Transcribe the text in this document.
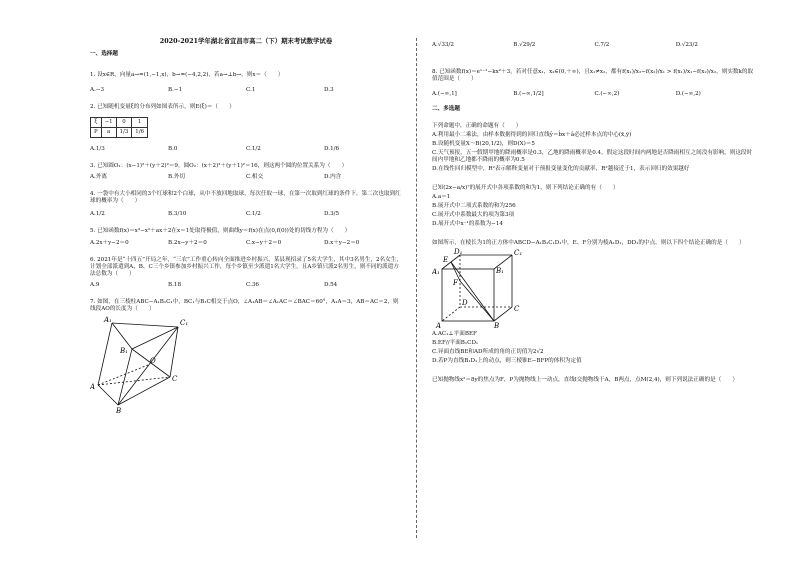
2020-2021学年湖北省宜昌市高二（下）期末考试数学试卷
一、选择题
1. 设x∈R，向量a→=(1,−1,x)，b→=(−4,2,2)，若a→⊥b→，则x＝（　　）
A.−3	B.−1	C.1	D.3
2. 已知随机变量ξ的分布列如图表所示，则E(ξ)＝（　　）
ξ	−1	0	1
P	a	1/3	1/6
A.1/3	B.0	C.1/2	D.1/6
3. 已知圆O₁：(x−1)²＋(y＋2)²＝9，圆O₂：(x＋2)²＋(y＋1)²＝16，则这两个圆的位置关系为（　　）
A.外离	B.外切	C.相交	D.内含
4. 一袋中有大小相同的3个红球和2个白球，从中不放回地取球，每次任取一球，在第一次取到红球的条件下，第二次也取到红球的概率为（　　）
A.1/2	B.3/10	C.1/2	D.3/5
5. 已知函数f(x)＝x³−x²＋ax＋2在x＝1处取得极值，则曲线y＝f(x)在点(0,f(0))处的切线方程为（　　）
A.2x＋y−2＝0	B.2x−y＋2＝0	C.x−y＋2＝0	D.x＋y−2＝0
6. 2021年是“十四五”开局之年，“三农”工作重心转向全面推进乡村振兴，某县现招录了5名大学生，其中3名男生，2名女生，计划全部派遣到A、B、C三个乡镇参加乡村振兴工作，每个乡镇至少派遣1名大学生，且A乡镇只派2名男生，则不同的派遣方法总数为（　　）
A.9	B.18	C.36	D.54
7. 如图，在三棱柱ABC−A₁B₁C₁中，BC₁与B₁C相交于点O，∠A₁AB＝∠A₁AC＝∠BAC＝60°，A₁A＝3，AB＝AC＝2，则线段AO的长度为（　　）
A₁	C₁
B₁
O
C
A
B
A.√33/2	B.√29/2	C.7/2	D.√23/2
8. 已知函数f(x)＝eˣ⁻¹−kx²＋3，若对任意x₁，x₂∈(0,＋∞)，且x₁≠x₂，都有f(x₁)/x₂−f(x₂)/x₁ > f(x₁)/x₁−f(x₂)/x₂，则实数k的取值范围是（　　）
A.(−∞,1]	B.(−∞,1/2]	C.(−∞,2)	D.(−∞,2)
二、多选题
下列命题中，正确的命题有（　　）
A.利用最小二乘法，由样本数据得到的回归直线ŷ＝b̂x＋â必过样本点的中心(x̄,ȳ)
B.设随机变量X～B(20,1/2)，则D(X)＝5
C.天气预报，五一假期甲地的降雨概率是0.3，乙地的降雨概率是0.4，假定这段时间内两地是否降雨相互之间没有影响，则这段时间内甲地和乙地都不降雨的概率为0.5
D.在线性回归模型中，R²表示解释变量对于预报变量变化的贡献率，R²越接近于1，表示回归的效果越好
已知(2x−a/x)⁷的展开式中各项系数的和为1，则下列结论正确的有（　　）
A.a＝1
B.展开式中二项式系数的和为256
C.展开式中系数最大的项为第3项
D.展开式中x⁻¹的系数为−14
如图所示，在棱长为1的正方体中ABCD−A₁B₁C₁D₁中，E、F分别为棱A₁D₁，DD₁的中点，则以下四个结论正确的是（　　）
D₁	C₁
E
A₁	B₁
F
D
C
A	B
A.AC₁⊥平面BEF
B.EF//平面B₁CD₁
C.异面直线BE和AD所成的角的正切值为2√2
D.若P为直线B₁D₁上的动点，则三棱锥E−BFP的体积为定值
已知抛物线x²＝8y的焦点为F，P为抛物线上一动点，直线l交抛物线于A，B两点，点M(2,4)，则下列说法正确的是（　　）
